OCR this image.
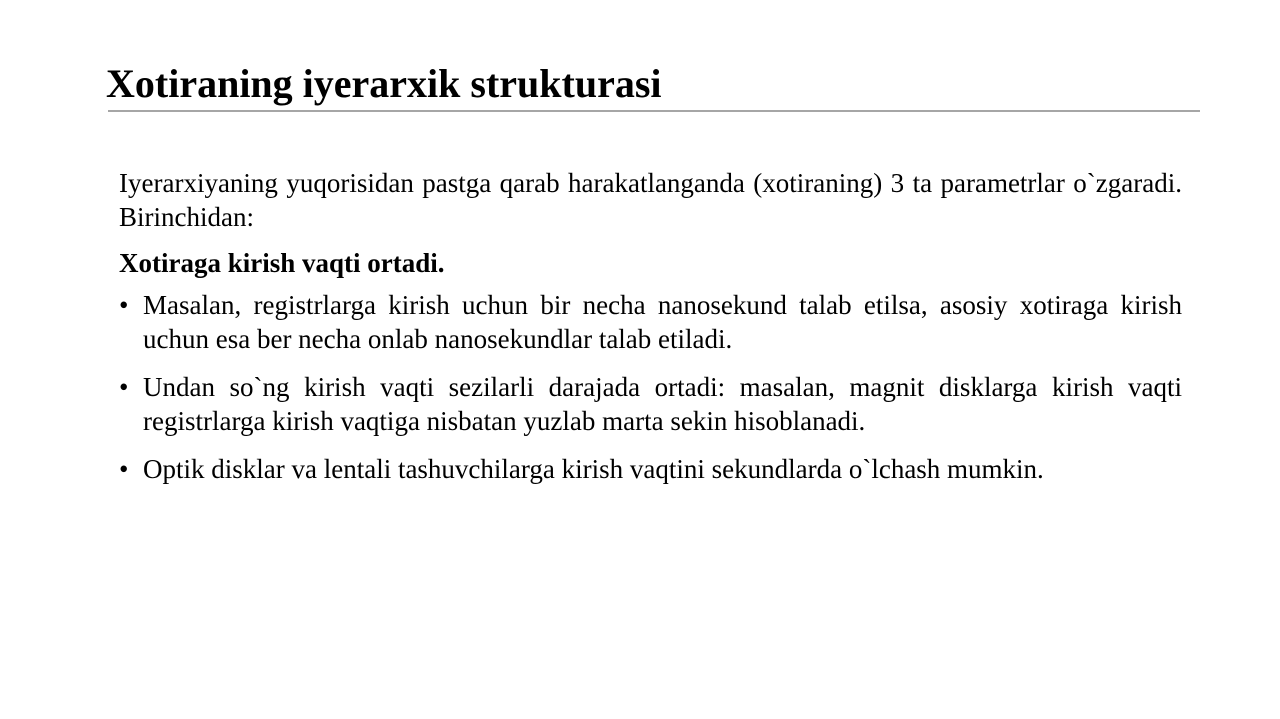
Xotiraning iyerarxik strukturasi

Iyerarxiyaning yuqorisidan pastga qarab harakatlanganda (xotiraning) 3 ta parametrlar o`zgaradi. Birinchidan:

Xotiraga kirish vaqti ortadi.

• Masalan, registrlarga kirish uchun bir necha nanosekund talab etilsa, asosiy xotiraga kirish uchun esa ber necha onlab nanosekundlar talab etiladi.
• Undan so`ng kirish vaqti sezilarli darajada ortadi: masalan, magnit disklarga kirish vaqti registrlarga kirish vaqtiga nisbatan yuzlab marta sekin hisoblanadi.
• Optik disklar va lentali tashuvchilarga kirish vaqtini sekundlarda o`lchash mumkin.
